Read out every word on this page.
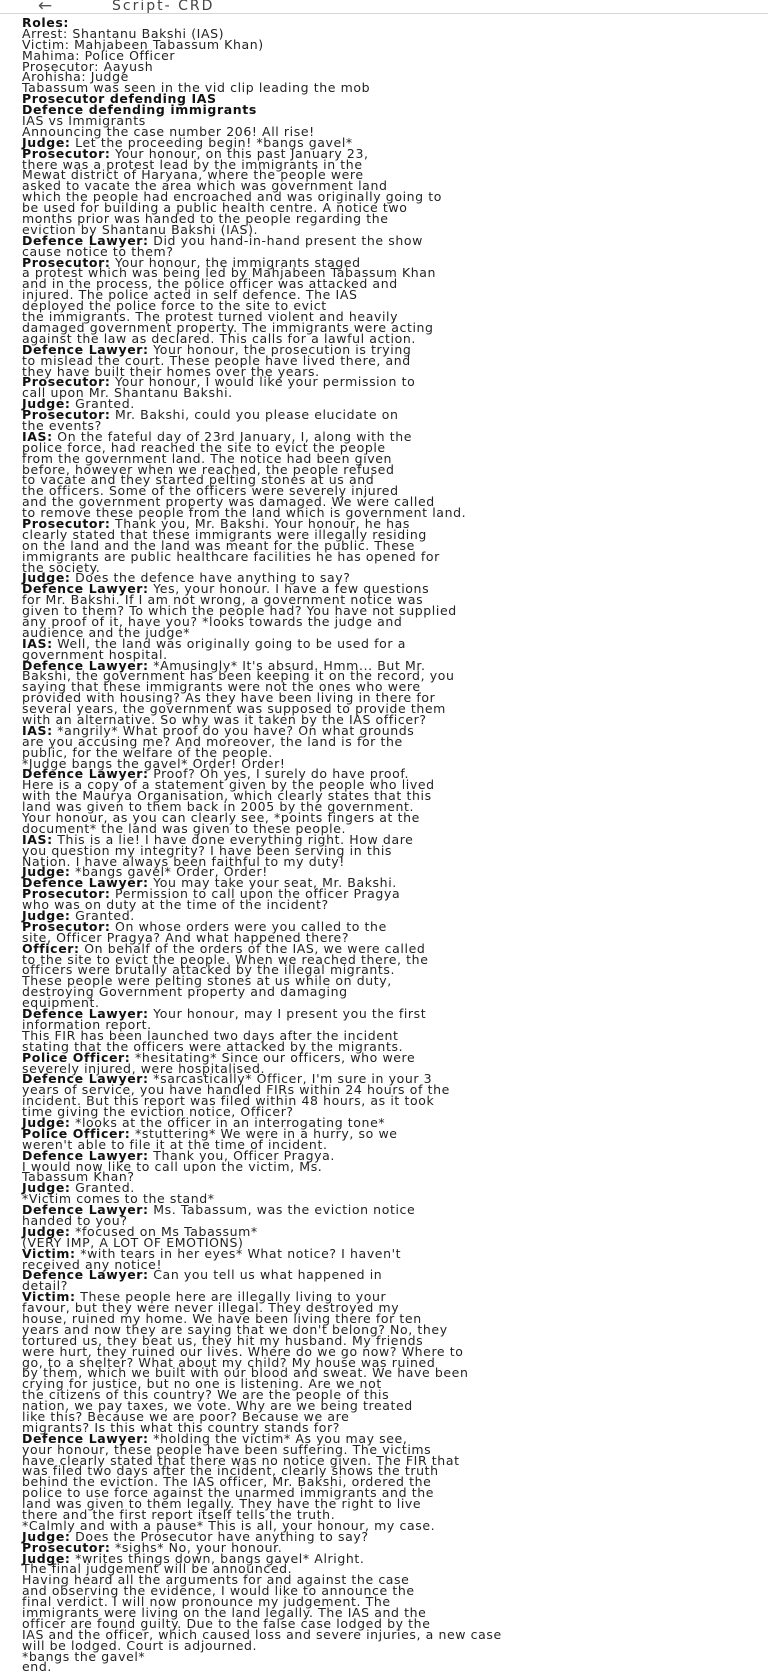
←	Script- CRD
Roles:
Arrest: Shantanu Bakshi (IAS)
Victim: Mahjabeen Tabassum Khan)
Mahima: Police Officer
Prosecutor: Aayush
Arohisha: Judge
Tabassum was seen in the vid clip leading the mob
Prosecutor defending IAS
Defence defending immigrants
IAS vs Immigrants
Announcing the case number 206! All rise!
Judge: Let the proceeding begin! *bangs gavel*
Prosecutor: Your honour, on this past January 23,
there was a protest lead by the immigrants in the
Mewat district of Haryana, where the people were
asked to vacate the area which was government land
which the people had encroached and was originally going to
be used for building a public health centre. A notice two
months prior was handed to the people regarding the
eviction by Shantanu Bakshi (IAS).
Defence Lawyer: Did you hand-in-hand present the show
cause notice to them?
Prosecutor: Your honour, the immigrants staged
a protest which was being led by Mahjabeen Tabassum Khan
and in the process, the police officer was attacked and
injured. The police acted in self defence. The IAS
deployed the police force to the site to evict
the immigrants. The protest turned violent and heavily
damaged government property. The immigrants were acting
against the law as declared. This calls for a lawful action.
Defence Lawyer: Your honour, the prosecution is trying
to mislead the court. These people have lived there, and
they have built their homes over the years.
Prosecutor: Your honour, I would like your permission to
call upon Mr. Shantanu Bakshi.
Judge: Granted.
Prosecutor: Mr. Bakshi, could you please elucidate on
the events?
IAS: On the fateful day of 23rd January, I, along with the
police force, had reached the site to evict the people
from the government land. The notice had been given
before, however when we reached, the people refused
to vacate and they started pelting stones at us and
the officers. Some of the officers were severely injured
and the government property was damaged. We were called
to remove these people from the land which is government land.
Prosecutor: Thank you, Mr. Bakshi. Your honour, he has
clearly stated that these immigrants were illegally residing
on the land and the land was meant for the public. These
immigrants are public healthcare facilities he has opened for
the society.
Judge: Does the defence have anything to say?
Defence Lawyer: Yes, your honour. I have a few questions
for Mr. Bakshi. If I am not wrong, a government notice was
given to them? To which the people had? You have not supplied
any proof of it, have you? *looks towards the judge and
audience and the judge*
IAS: Well, the land was originally going to be used for a
government hospital.
Defence Lawyer: *Amusingly* It's absurd. Hmm... But Mr.
Bakshi, the government has been keeping it on the record, you
saying that these immigrants were not the ones who were
provided with housing? As they have been living in there for
several years, the government was supposed to provide them
with an alternative. So why was it taken by the IAS officer?
IAS: *angrily* What proof do you have? On what grounds
are you accusing me? And moreover, the land is for the
public, for the welfare of the people.
*Judge bangs the gavel* Order! Order!
Defence Lawyer: Proof? Oh yes, I surely do have proof.
Here is a copy of a statement given by the people who lived
with the Maurya Organisation, which clearly states that this
land was given to them back in 2005 by the government.
Your honour, as you can clearly see, *points fingers at the
document* the land was given to these people.
IAS: This is a lie! I have done everything right. How dare
you question my integrity? I have been serving in this
Nation. I have always been faithful to my duty!
Judge: *bangs gavel* Order, Order!
Defence Lawyer: You may take your seat, Mr. Bakshi.
Prosecutor: Permission to call upon the officer Pragya
who was on duty at the time of the incident?
Judge: Granted.
Prosecutor: On whose orders were you called to the
site, Officer Pragya? And what happened there?
Officer: On behalf of the orders of the IAS, we were called
to the site to evict the people. When we reached there, the
officers were brutally attacked by the illegal migrants.
These people were pelting stones at us while on duty,
destroying Government property and damaging
equipment.
Defence Lawyer: Your honour, may I present you the first
information report.
This FIR has been launched two days after the incident
stating that the officers were attacked by the migrants.
Police Officer: *hesitating* Since our officers, who were
severely injured, were hospitalised.
Defence Lawyer: *sarcastically* Officer, I'm sure in your 3
years of service, you have handled FIRs within 24 hours of the
incident. But this report was filed within 48 hours, as it took
time giving the eviction notice, Officer?
Judge: *looks at the officer in an interrogating tone*
Police Officer: *stuttering* We were in a hurry, so we
weren't able to file it at the time of incident.
Defence Lawyer: Thank you, Officer Pragya.
I would now like to call upon the victim, Ms.
Tabassum Khan?
Judge: Granted.
*Victim comes to the stand*
Defence Lawyer: Ms. Tabassum, was the eviction notice
handed to you?
Judge: *focused on Ms Tabassum*
(VERY IMP, A LOT OF EMOTIONS)
Victim: *with tears in her eyes* What notice? I haven't
received any notice!
Defence Lawyer: Can you tell us what happened in
detail?
Victim: These people here are illegally living to your
favour, but they were never illegal. They destroyed my
house, ruined my home. We have been living there for ten
years and now they are saying that we don't belong? No, they
tortured us, they beat us, they hit my husband. My friends
were hurt, they ruined our lives. Where do we go now? Where to
go, to a shelter? What about my child? My house was ruined
by them, which we built with our blood and sweat. We have been
crying for justice, but no one is listening. Are we not
the citizens of this country? We are the people of this
nation, we pay taxes, we vote. Why are we being treated
like this? Because we are poor? Because we are
migrants? Is this what this country stands for?
Defence Lawyer: *holding the victim* As you may see,
your honour, these people have been suffering. The victims
have clearly stated that there was no notice given. The FIR that
was filed two days after the incident, clearly shows the truth
behind the eviction. The IAS officer, Mr. Bakshi, ordered the
police to use force against the unarmed immigrants and the
land was given to them legally. They have the right to live
there and the first report itself tells the truth.
*Calmly and with a pause* This is all, your honour, my case.
Judge: Does the Prosecutor have anything to say?
Prosecutor: *sighs* No, your honour.
Judge: *writes things down, bangs gavel* Alright.
The final judgement will be announced.
Having heard all the arguments for and against the case
and observing the evidence, I would like to announce the
final verdict. I will now pronounce my judgement. The
immigrants were living on the land legally. The IAS and the
officer are found guilty. Due to the false case lodged by the
IAS and the officer, which caused loss and severe injuries, a new case
will be lodged. Court is adjourned.
*bangs the gavel*
end.
